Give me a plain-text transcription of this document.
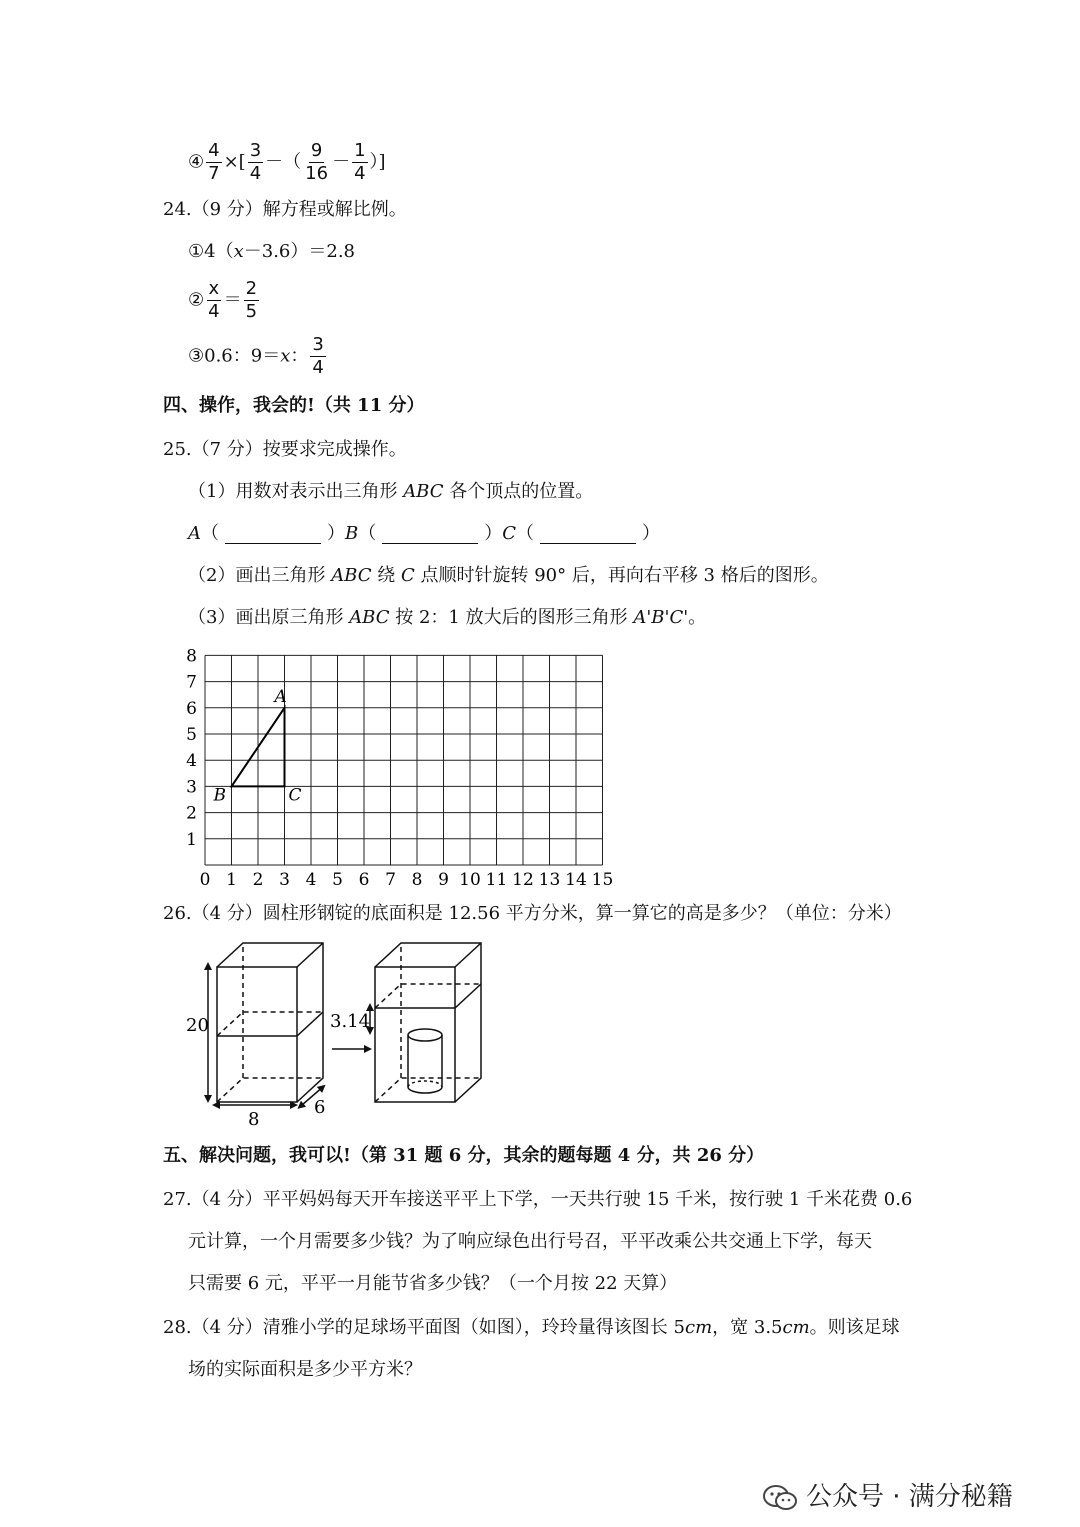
④ $\frac{4}{7}$ ×[ $\frac{3}{4}$ －（ $\frac{9}{16} - \frac{1}{4}$ ）]
24.（9 分）解方程或解比例。
①4（x－3.6）＝2.8
② $\frac{x}{4} = \frac{2}{5}$
③0.6：9＝x： $\frac{3}{4}$
四、操作，我会的!（共 11 分）
25.（7 分）按要求完成操作。
（1）用数对表示出三角形 ABC 各个顶点的位置。
A（	）B（	）C（	）
（2）画出三角形 ABC 绕 C 点顺时针旋转 90° 后，再向右平移 3 格后的图形。
（3）画出原三角形 ABC 按 2：1 放大后的图形三角形 A'B'C'。
0 1 2 3 4 5 6 7 8 9 10 11 12 13 14 15
1
2
3
4
5
6
7
8
A
B	C
26.（4 分）圆柱形钢锭的底面积是 12.56 平方分米，算一算它的高是多少？（单位：分米）
20	3.14
8
6
五、解决问题，我可以!（第 31 题 6 分，其余的题每题 4 分，共 26 分）
27.（4 分）平平妈妈每天开车接送平平上下学，一天共行驶 15 千米，按行驶 1 千米花费 0.6
元计算，一个月需要多少钱？为了响应绿色出行号召，平平改乘公共交通上下学，每天
只需要 6 元，平平一月能节省多少钱？（一个月按 22 天算）
28.（4 分）清雅小学的足球场平面图（如图），玲玲量得该图长 5cm，宽 3.5cm。则该足球
场的实际面积是多少平方米？
公众号 · 满分秘籍
